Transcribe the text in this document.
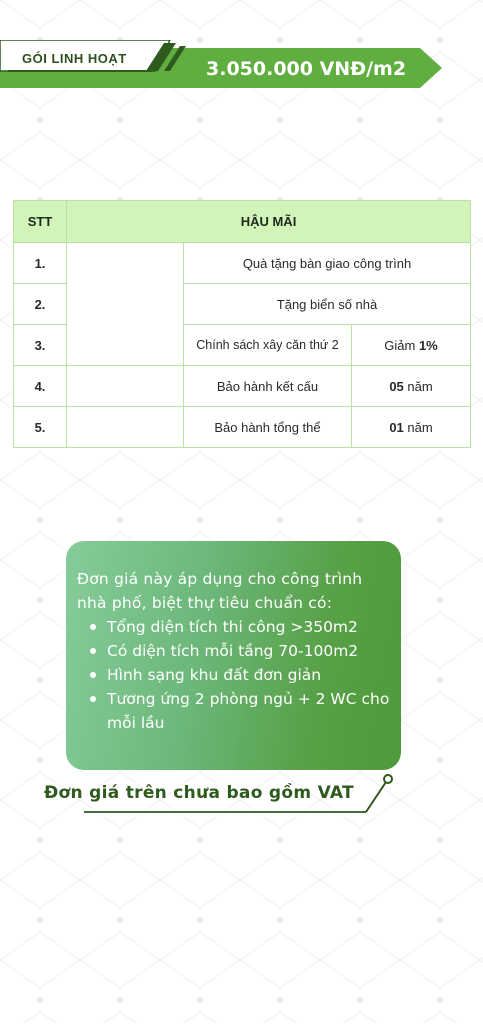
GÓI LINH HOẠT	3.050.000 VNĐ/m2
STT	HẬU MÃI		
1.		Quà tặng bàn giao công trình	
2.		Tặng biển số nhà	
3.		Chính sách xây căn thứ 2	Giảm 1%
4.		Bảo hành kết cấu	05 năm
5.		Bảo hành tổng thể	01 năm

Đơn giá này áp dụng cho công trình nhà phố, biệt thự tiêu chuẩn có:

Tổng diện tích thi công >350m2
Có diện tích mỗi tầng 70-100m2
Hình sạng khu đất đơn giản
Tương ứng 2 phòng ngủ + 2 WC cho mỗi lầu
Đơn giá trên chưa bao gồm VAT
